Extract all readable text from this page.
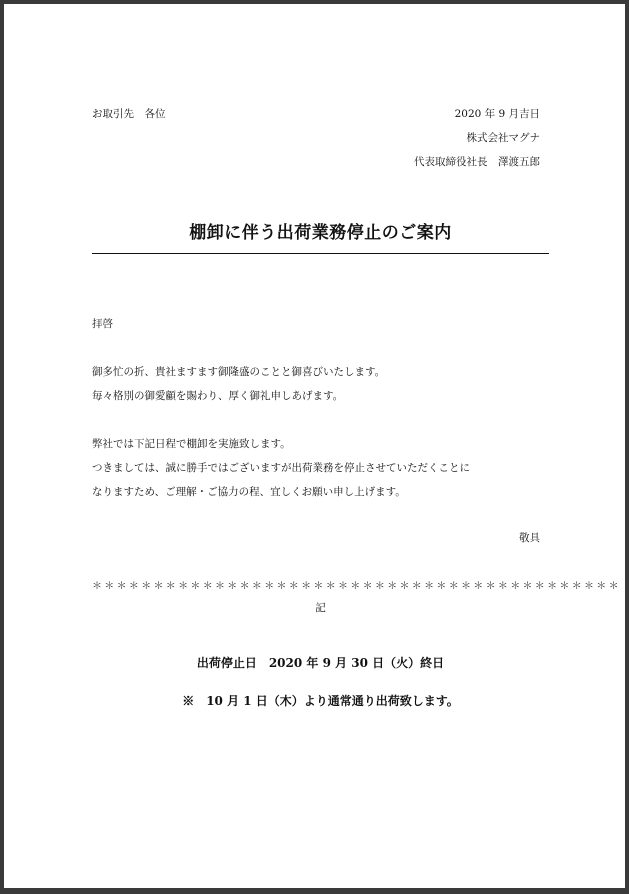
お取引先　各位	2020 年 9 月吉日
株式会社マグナ
代表取締役社長　澤渡五郎
棚卸に伴う出荷業務停止のご案内
拝啓
御多忙の折、貴社ますます御隆盛のことと御喜びいたします。
毎々格別の御愛顧を賜わり、厚く御礼申しあげます。
弊社では下記日程で棚卸を実施致します。
つきましては、誠に勝手ではございますが出荷業務を停止させていただくことに
なりますため、ご理解・ご協力の程、宜しくお願い申し上げます。
敬具
＊＊＊＊＊＊＊＊＊＊＊＊＊＊＊＊＊＊＊＊＊＊＊＊＊＊＊＊＊＊＊＊＊＊＊＊＊＊＊＊＊＊＊
記
出荷停止日　2020 年 9 月 30 日（火）終日
※　10 月 1 日（木）より通常通り出荷致します。
